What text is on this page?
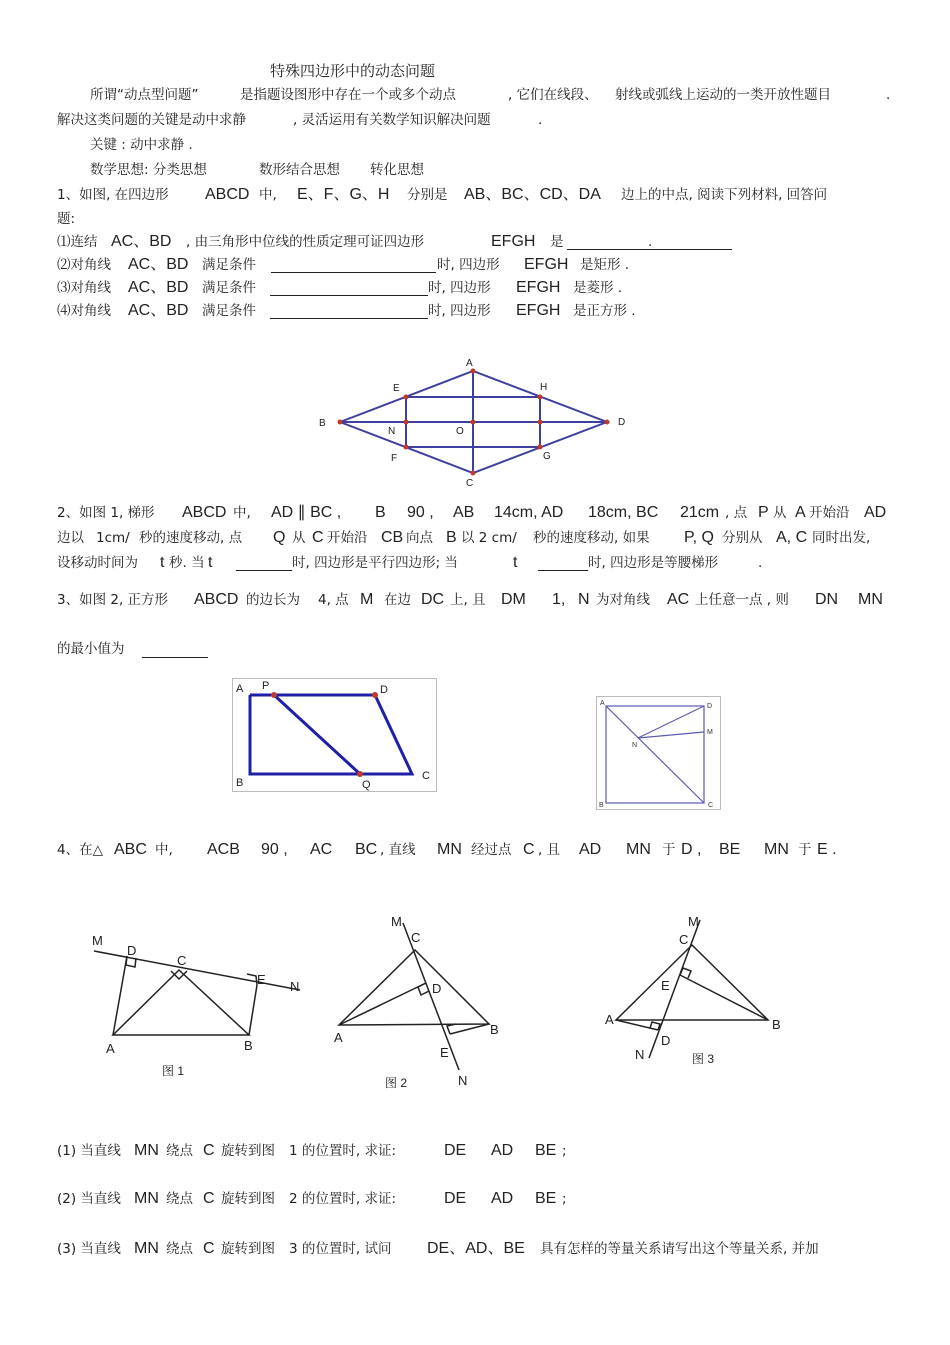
特殊四边形中的动态问题
所谓“动点型问题”	是指题设图形中存在一个或多个动点	, 它们在线段、 射线或弧线上运动的一类开放性题目	.
解决这类问题的关键是动中求静	, 灵活运用有关数学知识解决问题	.
关键 : 动中求静 .
数学思想: 分类思想	数形结合思想 转化思想
1、如图, 在四边形 ABCD 中, E、F、G、H 分别是 AB、BC、CD、DA 边上的中点, 阅读下列材料, 回答问
题:
⑴连结 AC、BD , 由三角形中位线的性质定理可证四边形	EFGH 是	.
⑵对角线 AC、BD 满足条件	时, 四边形 EFGH 是矩形 .
⑶对角线 AC、BD 满足条件	时, 四边形 EFGH 是菱形 .
⑷对角线 AC、BD 满足条件	时, 四边形 EFGH 是正方形 .
A
B
C
D
E
F	G
H
N	O
2、如图 1, 梯形 ABCD 中, AD ∥ BC , B 90 , AB 14cm, AD 18cm, BC 21cm , 点 P 从 A 开始沿 AD
边以 1cm/ 秒的速度移动, 点 Q 从 C 开始沿 CB 向点 B 以 2 cm/ 秒的速度移动, 如果 P, Q 分别从 A, C 同时出发,
设移动时间为 t 秒. 当 t	时, 四边形是平行四边形; 当	t	时, 四边形是等腰梯形	.
3、如图 2, 正方形 ABCD 的边长为 4, 点 M 在边 DC 上, 且 DM 1, N 为对角线 AC 上任意一点 , 则 DN MN
的最小值为
A P	D
B	Q
C
A	D
M
N
B	C
4、在△ ABC 中, ACB 90 , AC BC , 直线 MN 经过点 C , 且 AD MN 于 D , BE MN 于 E .
M
D
C
E N
A	B
图 1
M
C
D
B
A
E
N
图 2
M
C
E
A	B
D
N	图 3
(1) 当直线 MN 绕点 C 旋转到图 1 的位置时, 求证:	DE AD BE ;
(2) 当直线 MN 绕点 C 旋转到图 2 的位置时, 求证:	DE AD BE ;
(3) 当直线 MN 绕点 C 旋转到图 3 的位置时, 试问 DE、AD、BE 具有怎样的等量关系请写出这个等量关系, 并加
